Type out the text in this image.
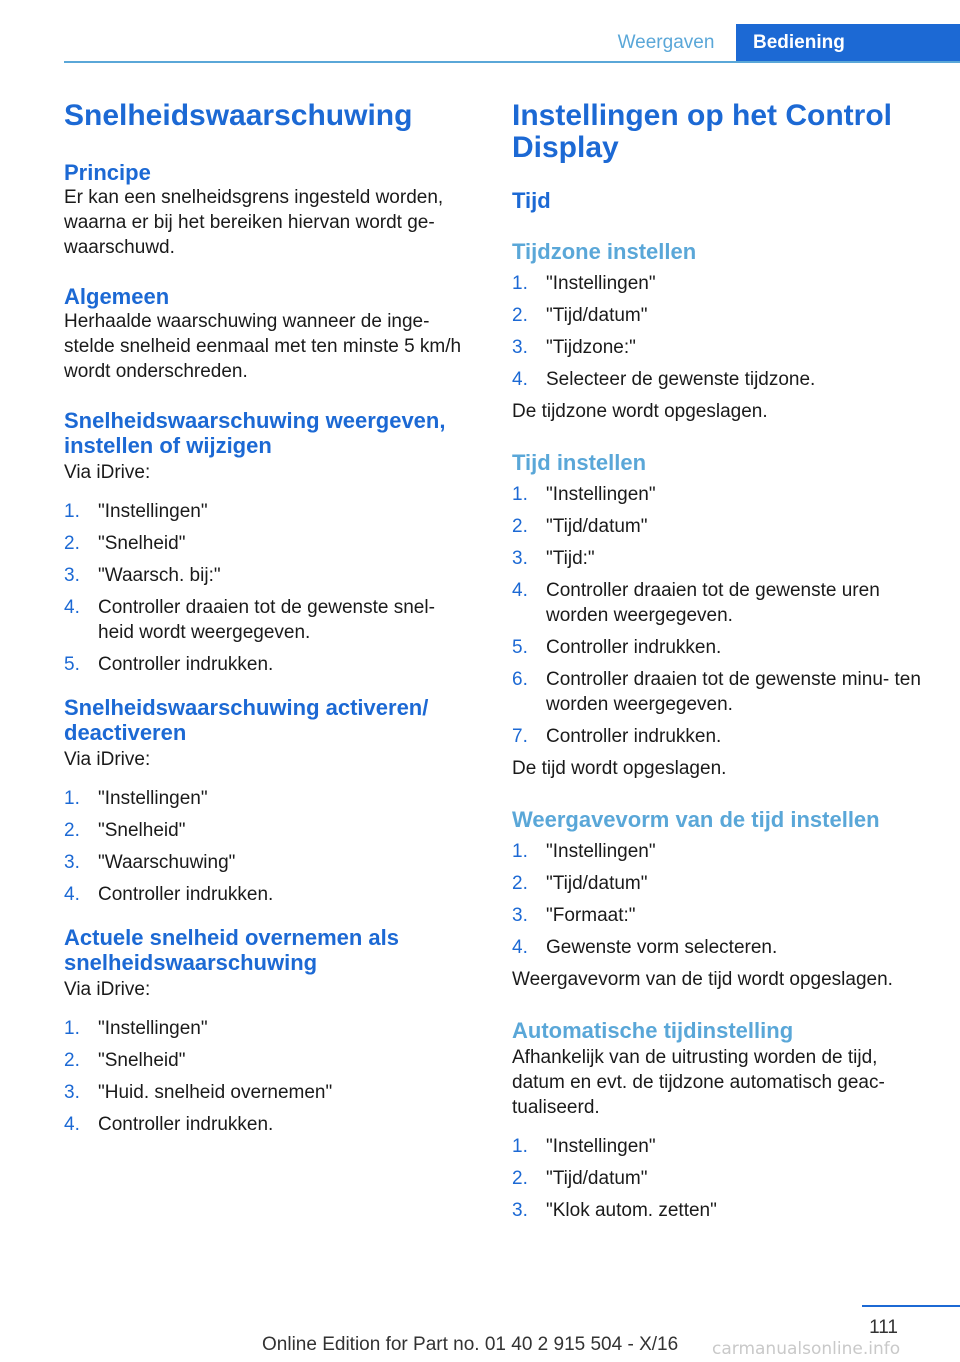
Weergaven	Bediening
Snelheidswaarschuwing
Principe

Er kan een snelheidsgrens ingesteld worden, waarna er bij het bereiken hiervan wordt ge‐ waarschuwd.

Algemeen

Herhaalde waarschuwing wanneer de inge‐ stelde snelheid eenmaal met ten minste 5 km/h wordt onderschreden.

Snelheidswaarschuwing weergeven, instellen of wijzigen

Via iDrive:

1. "Instellingen"
2. "Snelheid"
3. "Waarsch. bij:"
4. Controller draaien tot de gewenste snel‐ heid wordt weergegeven.
5. Controller indrukken.
Snelheidswaarschuwing activeren/ deactiveren

Via iDrive:

1. "Instellingen"
2. "Snelheid"
3. "Waarschuwing"
4. Controller indrukken.
Actuele snelheid overnemen als snelheidswaarschuwing

Via iDrive:

1. "Instellingen"
2. "Snelheid"
3. "Huid. snelheid overnemen"
4. Controller indrukken.
Instellingen op het Control Display
Tijd
Tijdzone instellen
1. "Instellingen"
2. "Tijd/datum"
3. "Tijdzone:"
4. Selecteer de gewenste tijdzone.

De tijdzone wordt opgeslagen.

Tijd instellen
1. "Instellingen"
2. "Tijd/datum"
3. "Tijd:"
4. Controller draaien tot de gewenste uren worden weergegeven.
5. Controller indrukken.
6. Controller draaien tot de gewenste minu‐ ten worden weergegeven.
7. Controller indrukken.

De tijd wordt opgeslagen.

Weergavevorm van de tijd instellen
1. "Instellingen"
2. "Tijd/datum"
3. "Formaat:"
4. Gewenste vorm selecteren.

Weergavevorm van de tijd wordt opgeslagen.

Automatische tijdinstelling

Afhankelijk van de uitrusting worden de tijd, datum en evt. de tijdzone automatisch geac‐ tualiseerd.

1. "Instellingen"
2. "Tijd/datum"
3. "Klok autom. zetten"
111
Online Edition for Part no. 01 40 2 915 504 - X/16 carmanualsonline.info
